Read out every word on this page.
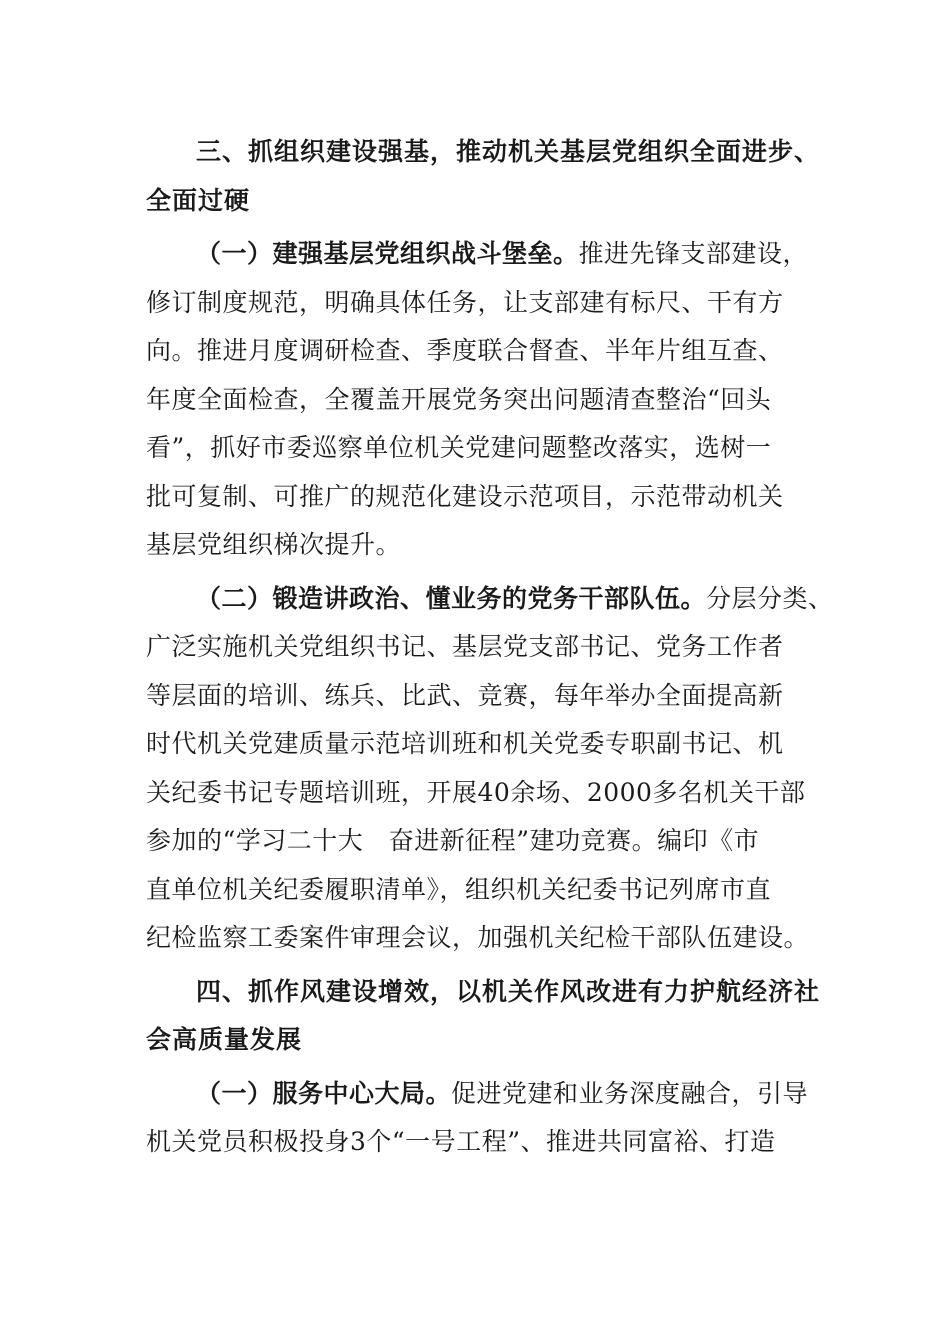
三、抓组织建设强基，推动机关基层党组织全面进步、
全面过硬
（一）建强基层党组织战斗堡垒。推进先锋支部建设，
修订制度规范，明确具体任务，让支部建有标尺、干有方
向。推进月度调研检查、季度联合督查、半年片组互查、
年度全面检查，全覆盖开展党务突出问题清查整治“回头
看”，抓好市委巡察单位机关党建问题整改落实，选树一
批可复制、可推广的规范化建设示范项目，示范带动机关
基层党组织梯次提升。
（二）锻造讲政治、懂业务的党务干部队伍。分层分类、
广泛实施机关党组织书记、基层党支部书记、党务工作者
等层面的培训、练兵、比武、竞赛，每年举办全面提高新
时代机关党建质量示范培训班和机关党委专职副书记、机
关纪委书记专题培训班，开展40余场、2000多名机关干部
参加的“学习二十大　奋进新征程”建功竞赛。编印《市
直单位机关纪委履职清单》，组织机关纪委书记列席市直
纪检监察工委案件审理会议，加强机关纪检干部队伍建设。
四、抓作风建设增效，以机关作风改进有力护航经济社
会高质量发展
（一）服务中心大局。促进党建和业务深度融合，引导
机关党员积极投身3个“一号工程”、推进共同富裕、打造
